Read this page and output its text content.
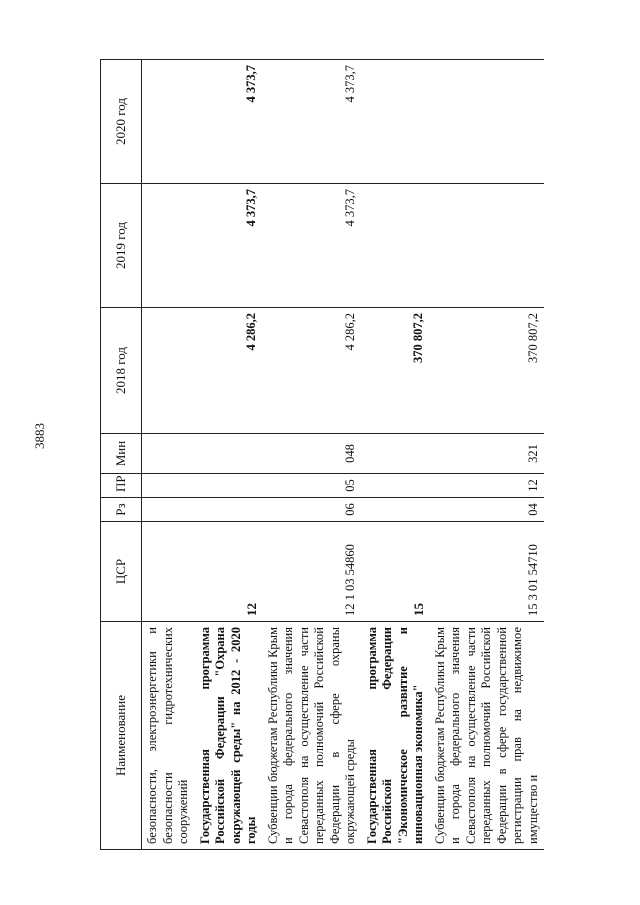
3883
Наименование	ЦСР	Рз	ПР	Мин	2018 год	2019 год	2020 год
безопасности, электроэнергетики и безопасности гидротехнических сооружений							
Государственная программа Российской Федерации "Охрана окружающей среды" на 2012 - 2020 годы	12				4 286,2	4 373,7	4 373,7
Субвенции бюджетам Республики Крым и города федерального значения Севастополя на осуществление части переданных полномочий Российской Федерации в сфере охраны окружающей среды	12 1 03 54860	06	05	048	4 286,2	4 373,7	4 373,7
Государственная программа Российской Федерации "Экономическое развитие и инновационная экономика"	15				370 807,2		
Субвенции бюджетам Республики Крым и города федерального значения Севастополя на осуществление части переданных полномочий Российской Федерации в сфере государственной регистрации прав на недвижимое имущество и	15 3 01 54710	04	12	321	370 807,2		
